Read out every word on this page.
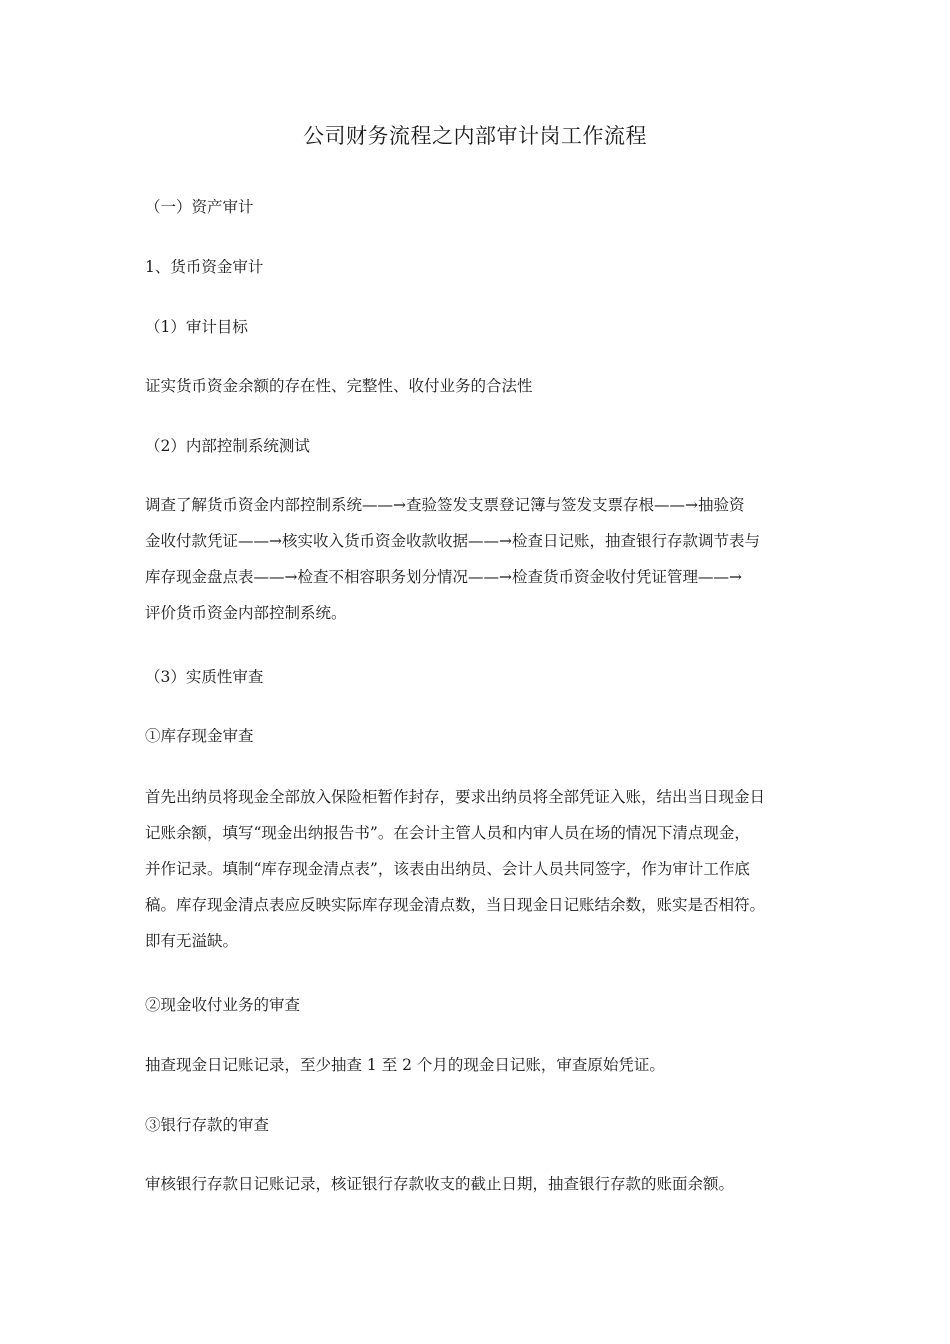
公司财务流程之内部审计岗工作流程
（一）资产审计
1、货币资金审计
（1）审计目标
证实货币资金余额的存在性、完整性、收付业务的合法性
（2）内部控制系统测试
调查了解货币资金内部控制系统——→查验签发支票登记簿与签发支票存根——→抽验资
金收付款凭证——→核实收入货币资金收款收据——→检查日记账，抽查银行存款调节表与
库存现金盘点表——→检查不相容职务划分情况——→检查货币资金收付凭证管理——→
评价货币资金内部控制系统。
（3）实质性审查
①库存现金审查
首先出纳员将现金全部放入保险柜暂作封存，要求出纳员将全部凭证入账，结出当日现金日
记账余额，填写“现金出纳报告书”。在会计主管人员和内审人员在场的情况下清点现金，
并作记录。填制“库存现金清点表”，该表由出纳员、会计人员共同签字，作为审计工作底
稿。库存现金清点表应反映实际库存现金清点数，当日现金日记账结余数，账实是否相符。
即有无溢缺。
②现金收付业务的审查
抽查现金日记账记录，至少抽查 1 至 2 个月的现金日记账，审查原始凭证。
③银行存款的审查
审核银行存款日记账记录，核证银行存款收支的截止日期，抽查银行存款的账面余额。
